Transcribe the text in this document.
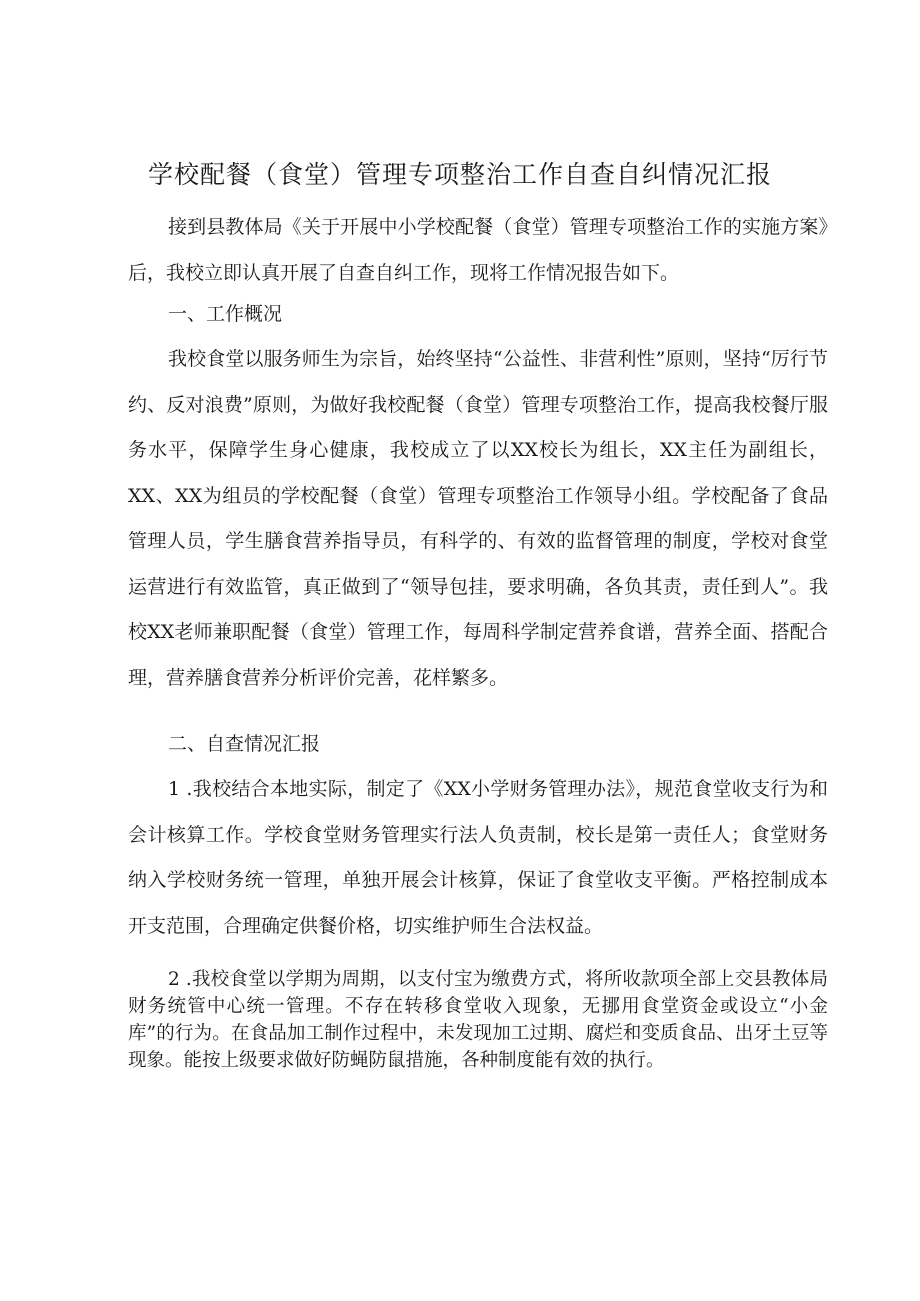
学校配餐（食堂）管理专项整治工作自查自纠情况汇报

接到县教体局《关于开展中小学校配餐（食堂）管理专项整治工作的实施方案》后，我校立即认真开展了自查自纠工作，现将工作情况报告如下。

一、工作概况

我校食堂以服务师生为宗旨，始终坚持“公益性、非营利性”原则，坚持“厉行节约、反对浪费”原则，为做好我校配餐（食堂）管理专项整治工作，提高我校餐厅服务水平，保障学生身心健康，我校成立了以XX校长为组长，XX主任为副组长，XX、XX为组员的学校配餐（食堂）管理专项整治工作领导小组。学校配备了食品管理人员，学生膳食营养指导员，有科学的、有效的监督管理的制度，学校对食堂运营进行有效监管，真正做到了“领导包挂，要求明确，各负其责，责任到人”。我校XX老师兼职配餐（食堂）管理工作，每周科学制定营养食谱，营养全面、搭配合理，营养膳食营养分析评价完善，花样繁多。

二、自查情况汇报

1 .我校结合本地实际，制定了《XX小学财务管理办法》，规范食堂收支行为和会计核算工作。学校食堂财务管理实行法人负责制，校长是第一责任人；食堂财务纳入学校财务统一管理，单独开展会计核算，保证了食堂收支平衡。严格控制成本开支范围，合理确定供餐价格，切实维护师生合法权益。

2 .我校食堂以学期为周期，以支付宝为缴费方式，将所收款项全部上交县教体局财务统管中心统一管理。不存在转移食堂收入现象，无挪用食堂资金或设立“小金库”的行为。在食品加工制作过程中，未发现加工过期、腐烂和变质食品、出牙土豆等现象。能按上级要求做好防蝇防鼠措施，各种制度能有效的执行。
